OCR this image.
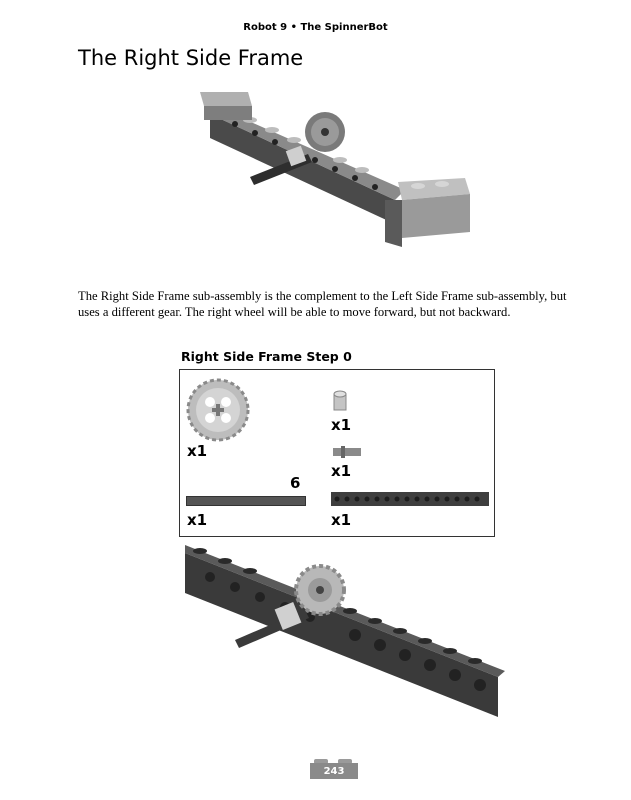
Robot 9 • The SpinnerBot
The Right Side Frame
The Right Side Frame sub-assembly is the complement to the Left Side Frame sub-assembly, but uses a different gear. The right wheel will be able to move forward, but not backward.
Right Side Frame Step 0
x1
x1
x1
6
x1	x1
243
